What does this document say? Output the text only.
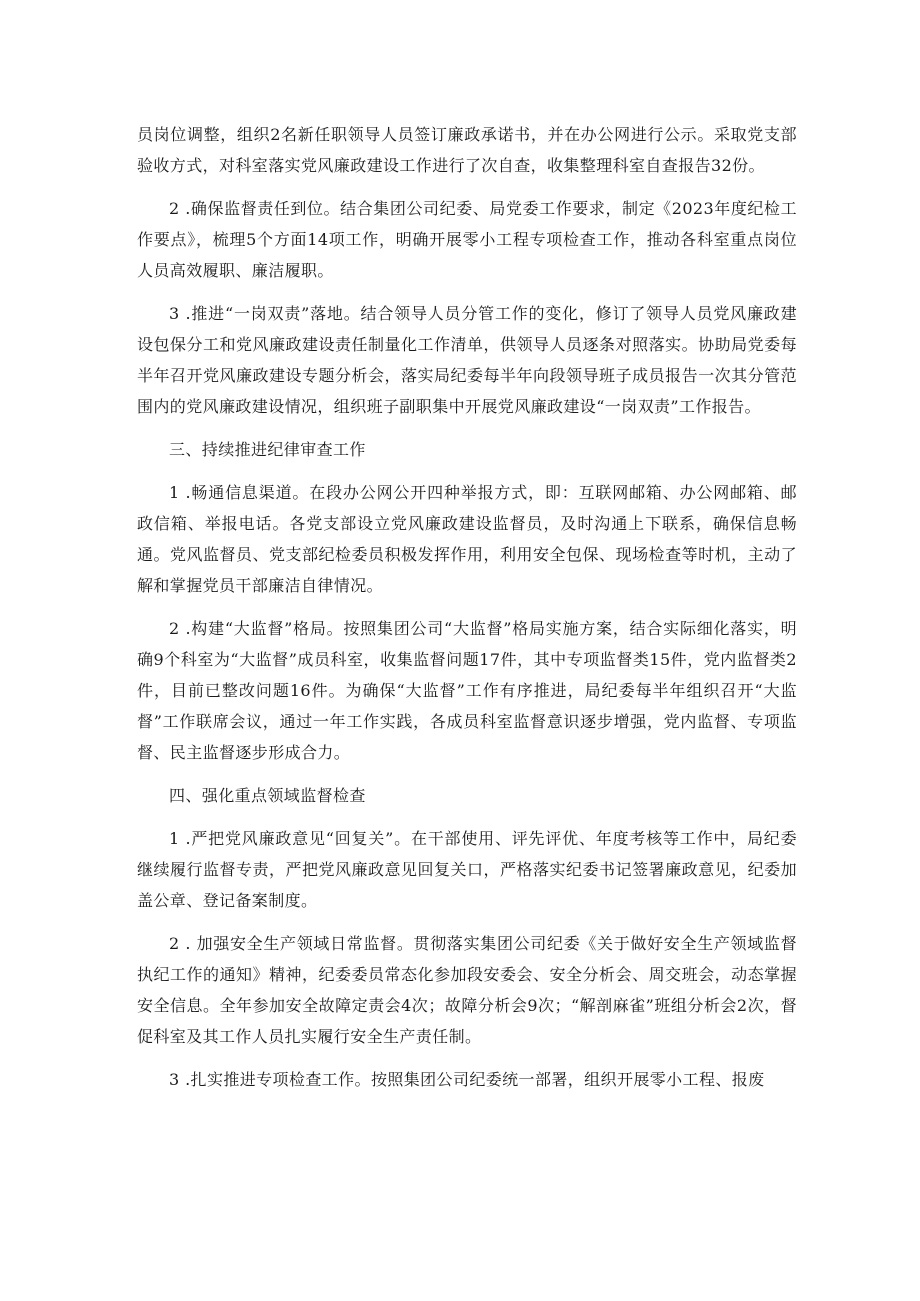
员岗位调整，组织2名新任职领导人员签订廉政承诺书，并在办公网进行公示。采取党支部验收方式，对科室落实党风廉政建设工作进行了次自查，收集整理科室自查报告32份。

2 .确保监督责任到位。结合集团公司纪委、局党委工作要求，制定《2023年度纪检工作要点》，梳理5个方面14项工作，明确开展零小工程专项检查工作，推动各科室重点岗位人员高效履职、廉洁履职。

3 .推进“一岗双责”落地。结合领导人员分管工作的变化，修订了领导人员党风廉政建设包保分工和党风廉政建设责任制量化工作清单，供领导人员逐条对照落实。协助局党委每半年召开党风廉政建设专题分析会，落实局纪委每半年向段领导班子成员报告一次其分管范围内的党风廉政建设情况，组织班子副职集中开展党风廉政建设“一岗双责”工作报告。

三、持续推进纪律审查工作

1 .畅通信息渠道。在段办公网公开四种举报方式，即：互联网邮箱、办公网邮箱、邮政信箱、举报电话。各党支部设立党风廉政建设监督员，及时沟通上下联系，确保信息畅通。党风监督员、党支部纪检委员积极发挥作用，利用安全包保、现场检查等时机，主动了解和掌握党员干部廉洁自律情况。

2 .构建“大监督”格局。按照集团公司“大监督”格局实施方案，结合实际细化落实，明确9个科室为“大监督”成员科室，收集监督问题17件，其中专项监督类15件，党内监督类2件，目前已整改问题16件。为确保“大监督”工作有序推进，局纪委每半年组织召开“大监督”工作联席会议，通过一年工作实践，各成员科室监督意识逐步增强，党内监督、专项监督、民主监督逐步形成合力。

四、强化重点领域监督检查

1 .严把党风廉政意见“回复关”。在干部使用、评先评优、年度考核等工作中，局纪委继续履行监督专责，严把党风廉政意见回复关口，严格落实纪委书记签署廉政意见，纪委加盖公章、登记备案制度。

2 . 加强安全生产领域日常监督。贯彻落实集团公司纪委《关于做好安全生产领域监督执纪工作的通知》精神，纪委委员常态化参加段安委会、安全分析会、周交班会，动态掌握安全信息。全年参加安全故障定责会4次；故障分析会9次；“解剖麻雀”班组分析会2次，督促科室及其工作人员扎实履行安全生产责任制。

3 .扎实推进专项检查工作。按照集团公司纪委统一部署，组织开展零小工程、报废
